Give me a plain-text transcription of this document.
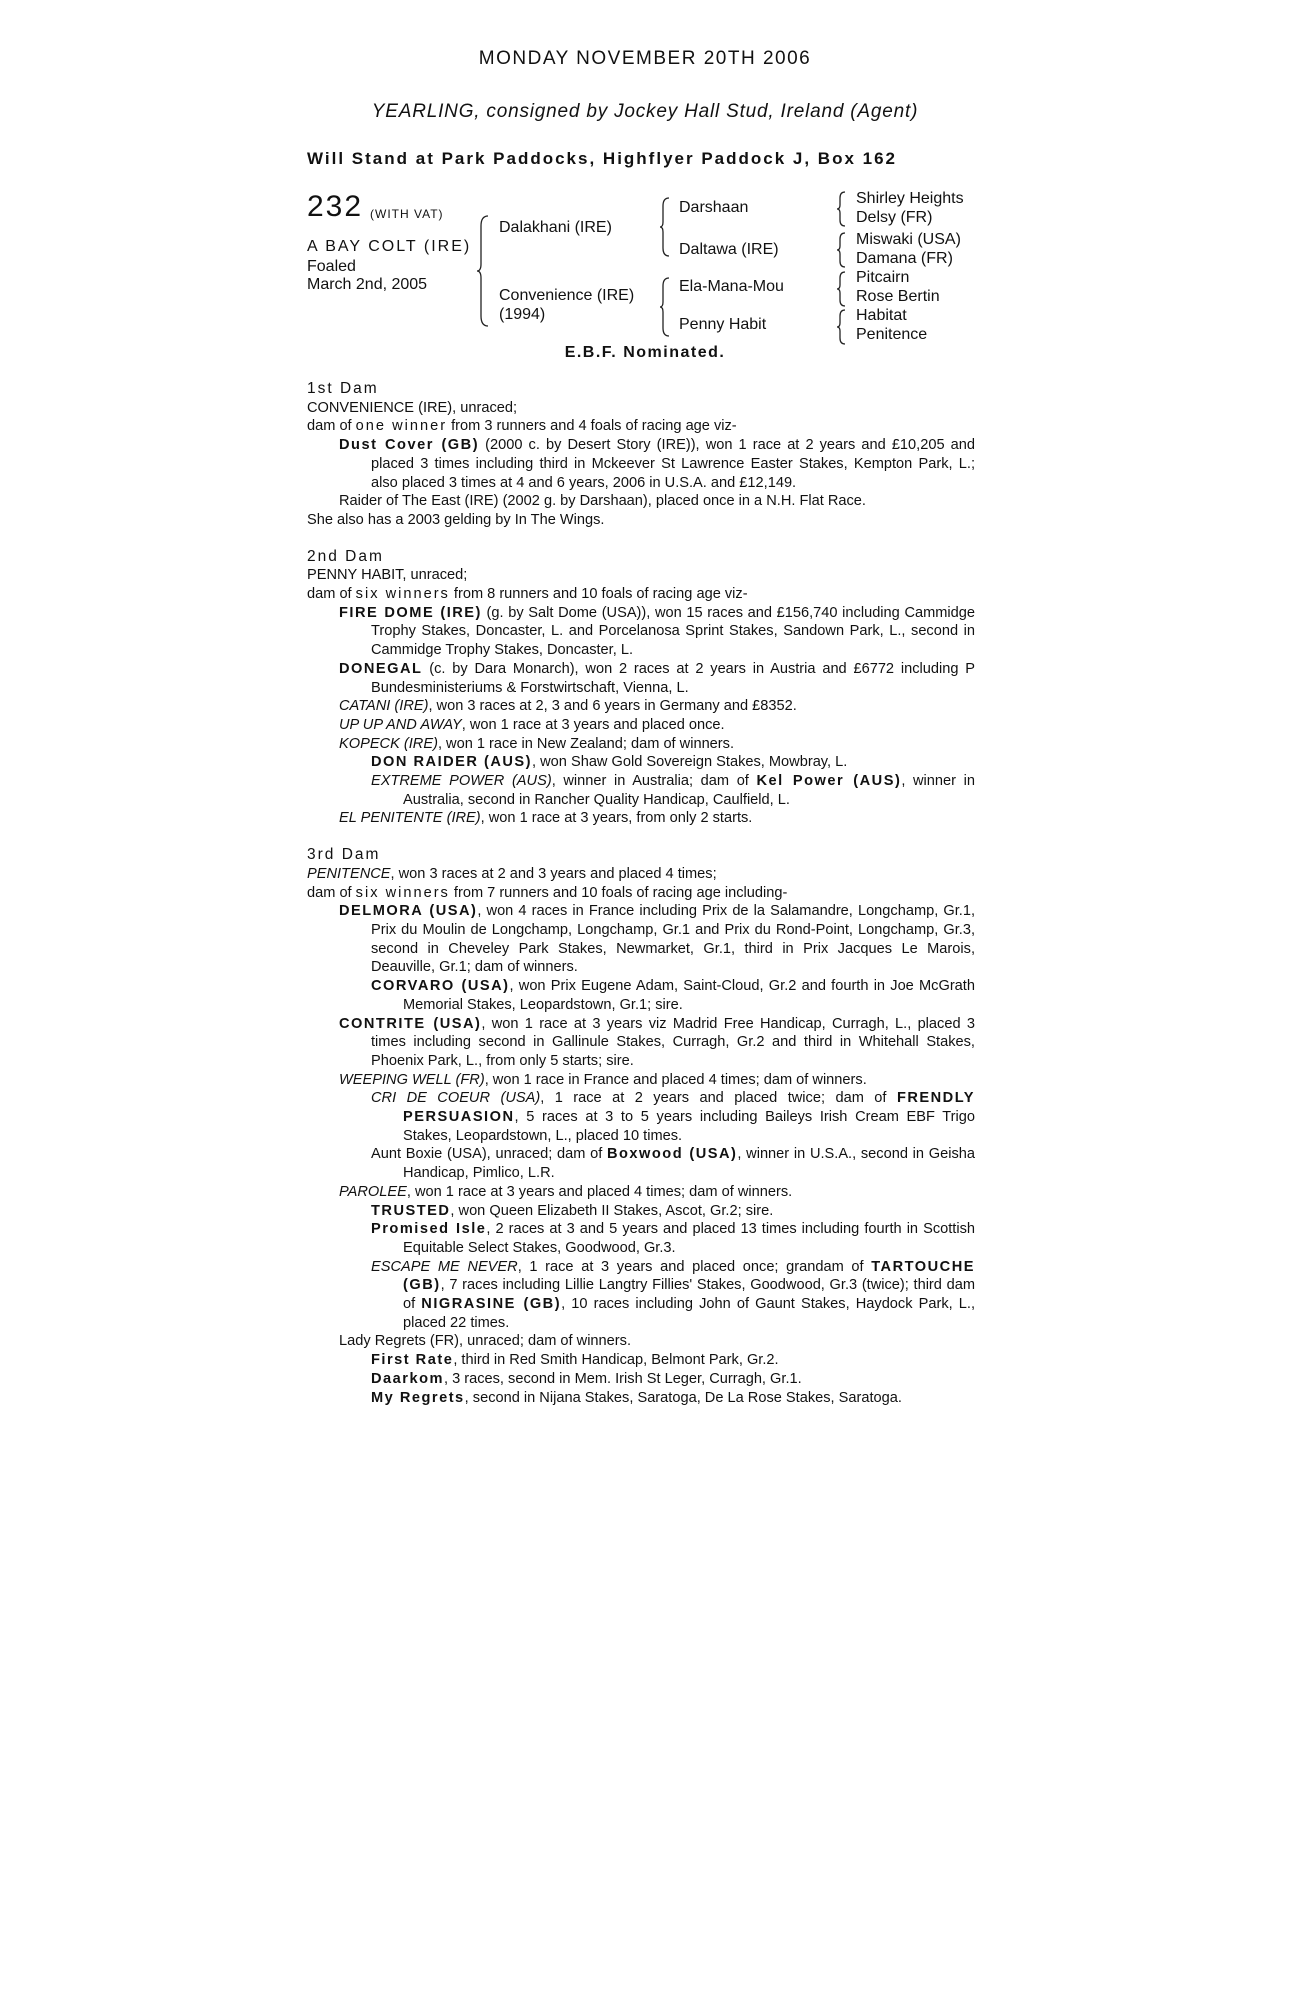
MONDAY NOVEMBER 20TH 2006
YEARLING, consigned by Jockey Hall Stud, Ireland (Agent)
Will Stand at Park Paddocks, Highflyer Paddock J, Box 162
232 (WITH VAT)
A BAY COLT (IRE)
Foaled
March 2nd, 2005
Dalakhani (IRE)
Convenience (IRE)
(1994)
Darshaan
Daltawa (IRE)
Ela-Mana-Mou
Penny Habit
Shirley Heights
Delsy (FR)
Miswaki (USA)
Damana (FR)
Pitcairn
Rose Bertin
Habitat
Penitence
E.B.F. Nominated.

1st Dam

CONVENIENCE (IRE), unraced;

dam of one winner from 3 runners and 4 foals of racing age viz-

Dust Cover (GB) (2000 c. by Desert Story (IRE)), won 1 race at 2 years and £10,205 and placed 3 times including third in Mckeever St Lawrence Easter Stakes, Kempton Park, L.; also placed 3 times at 4 and 6 years, 2006 in U.S.A. and £12,149.

Raider of The East (IRE) (2002 g. by Darshaan), placed once in a N.H. Flat Race.

She also has a 2003 gelding by In The Wings.

2nd Dam

PENNY HABIT, unraced;

dam of six winners from 8 runners and 10 foals of racing age viz-

FIRE DOME (IRE) (g. by Salt Dome (USA)), won 15 races and £156,740 including Cammidge Trophy Stakes, Doncaster, L. and Porcelanosa Sprint Stakes, Sandown Park, L., second in Cammidge Trophy Stakes, Doncaster, L.

DONEGAL (c. by Dara Monarch), won 2 races at 2 years in Austria and £6772 including P Bundesministeriums & Forstwirtschaft, Vienna, L.

CATANI (IRE), won 3 races at 2, 3 and 6 years in Germany and £8352.

UP UP AND AWAY, won 1 race at 3 years and placed once.

KOPECK (IRE), won 1 race in New Zealand; dam of winners.

DON RAIDER (AUS), won Shaw Gold Sovereign Stakes, Mowbray, L.

EXTREME POWER (AUS), winner in Australia; dam of Kel Power (AUS), winner in Australia, second in Rancher Quality Handicap, Caulfield, L.

EL PENITENTE (IRE), won 1 race at 3 years, from only 2 starts.

3rd Dam

PENITENCE, won 3 races at 2 and 3 years and placed 4 times;

dam of six winners from 7 runners and 10 foals of racing age including-

DELMORA (USA), won 4 races in France including Prix de la Salamandre, Longchamp, Gr.1, Prix du Moulin de Longchamp, Longchamp, Gr.1 and Prix du Rond-Point, Longchamp, Gr.3, second in Cheveley Park Stakes, Newmarket, Gr.1, third in Prix Jacques Le Marois, Deauville, Gr.1; dam of winners.

CORVARO (USA), won Prix Eugene Adam, Saint-Cloud, Gr.2 and fourth in Joe McGrath Memorial Stakes, Leopardstown, Gr.1; sire.

CONTRITE (USA), won 1 race at 3 years viz Madrid Free Handicap, Curragh, L., placed 3 times including second in Gallinule Stakes, Curragh, Gr.2 and third in Whitehall Stakes, Phoenix Park, L., from only 5 starts; sire.

WEEPING WELL (FR), won 1 race in France and placed 4 times; dam of winners.

CRI DE COEUR (USA), 1 race at 2 years and placed twice; dam of FRENDLY PERSUASION, 5 races at 3 to 5 years including Baileys Irish Cream EBF Trigo Stakes, Leopardstown, L., placed 10 times.

Aunt Boxie (USA), unraced; dam of Boxwood (USA), winner in U.S.A., second in Geisha Handicap, Pimlico, L.R.

PAROLEE, won 1 race at 3 years and placed 4 times; dam of winners.

TRUSTED, won Queen Elizabeth II Stakes, Ascot, Gr.2; sire.

Promised Isle, 2 races at 3 and 5 years and placed 13 times including fourth in Scottish Equitable Select Stakes, Goodwood, Gr.3.

ESCAPE ME NEVER, 1 race at 3 years and placed once; grandam of TARTOUCHE (GB), 7 races including Lillie Langtry Fillies' Stakes, Goodwood, Gr.3 (twice); third dam of NIGRASINE (GB), 10 races including John of Gaunt Stakes, Haydock Park, L., placed 22 times.

Lady Regrets (FR), unraced; dam of winners.

First Rate, third in Red Smith Handicap, Belmont Park, Gr.2.

Daarkom, 3 races, second in Mem. Irish St Leger, Curragh, Gr.1.

My Regrets, second in Nijana Stakes, Saratoga, De La Rose Stakes, Saratoga.
